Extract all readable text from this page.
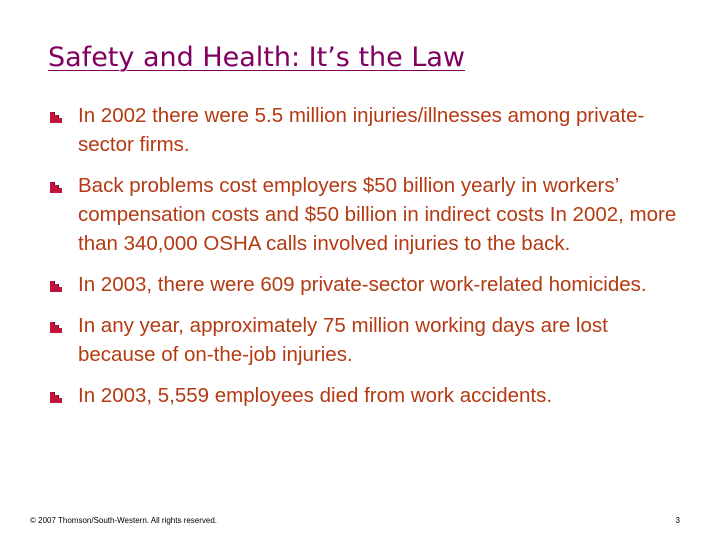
Safety and Health: It’s the Law
In 2002 there were 5.5 million injuries/illnesses among private-sector firms.
Back problems cost employers $50 billion yearly in workers’ compensation costs and $50 billion in indirect costs In 2002, more than 340,000 OSHA calls involved injuries to the back.
In 2003, there were 609 private-sector work-related homicides.
In any year, approximately 75 million working days are lost because of on-the-job injuries.
In 2003, 5,559 employees died from work accidents.
© 2007 Thomson/South-Western. All rights reserved.	3
